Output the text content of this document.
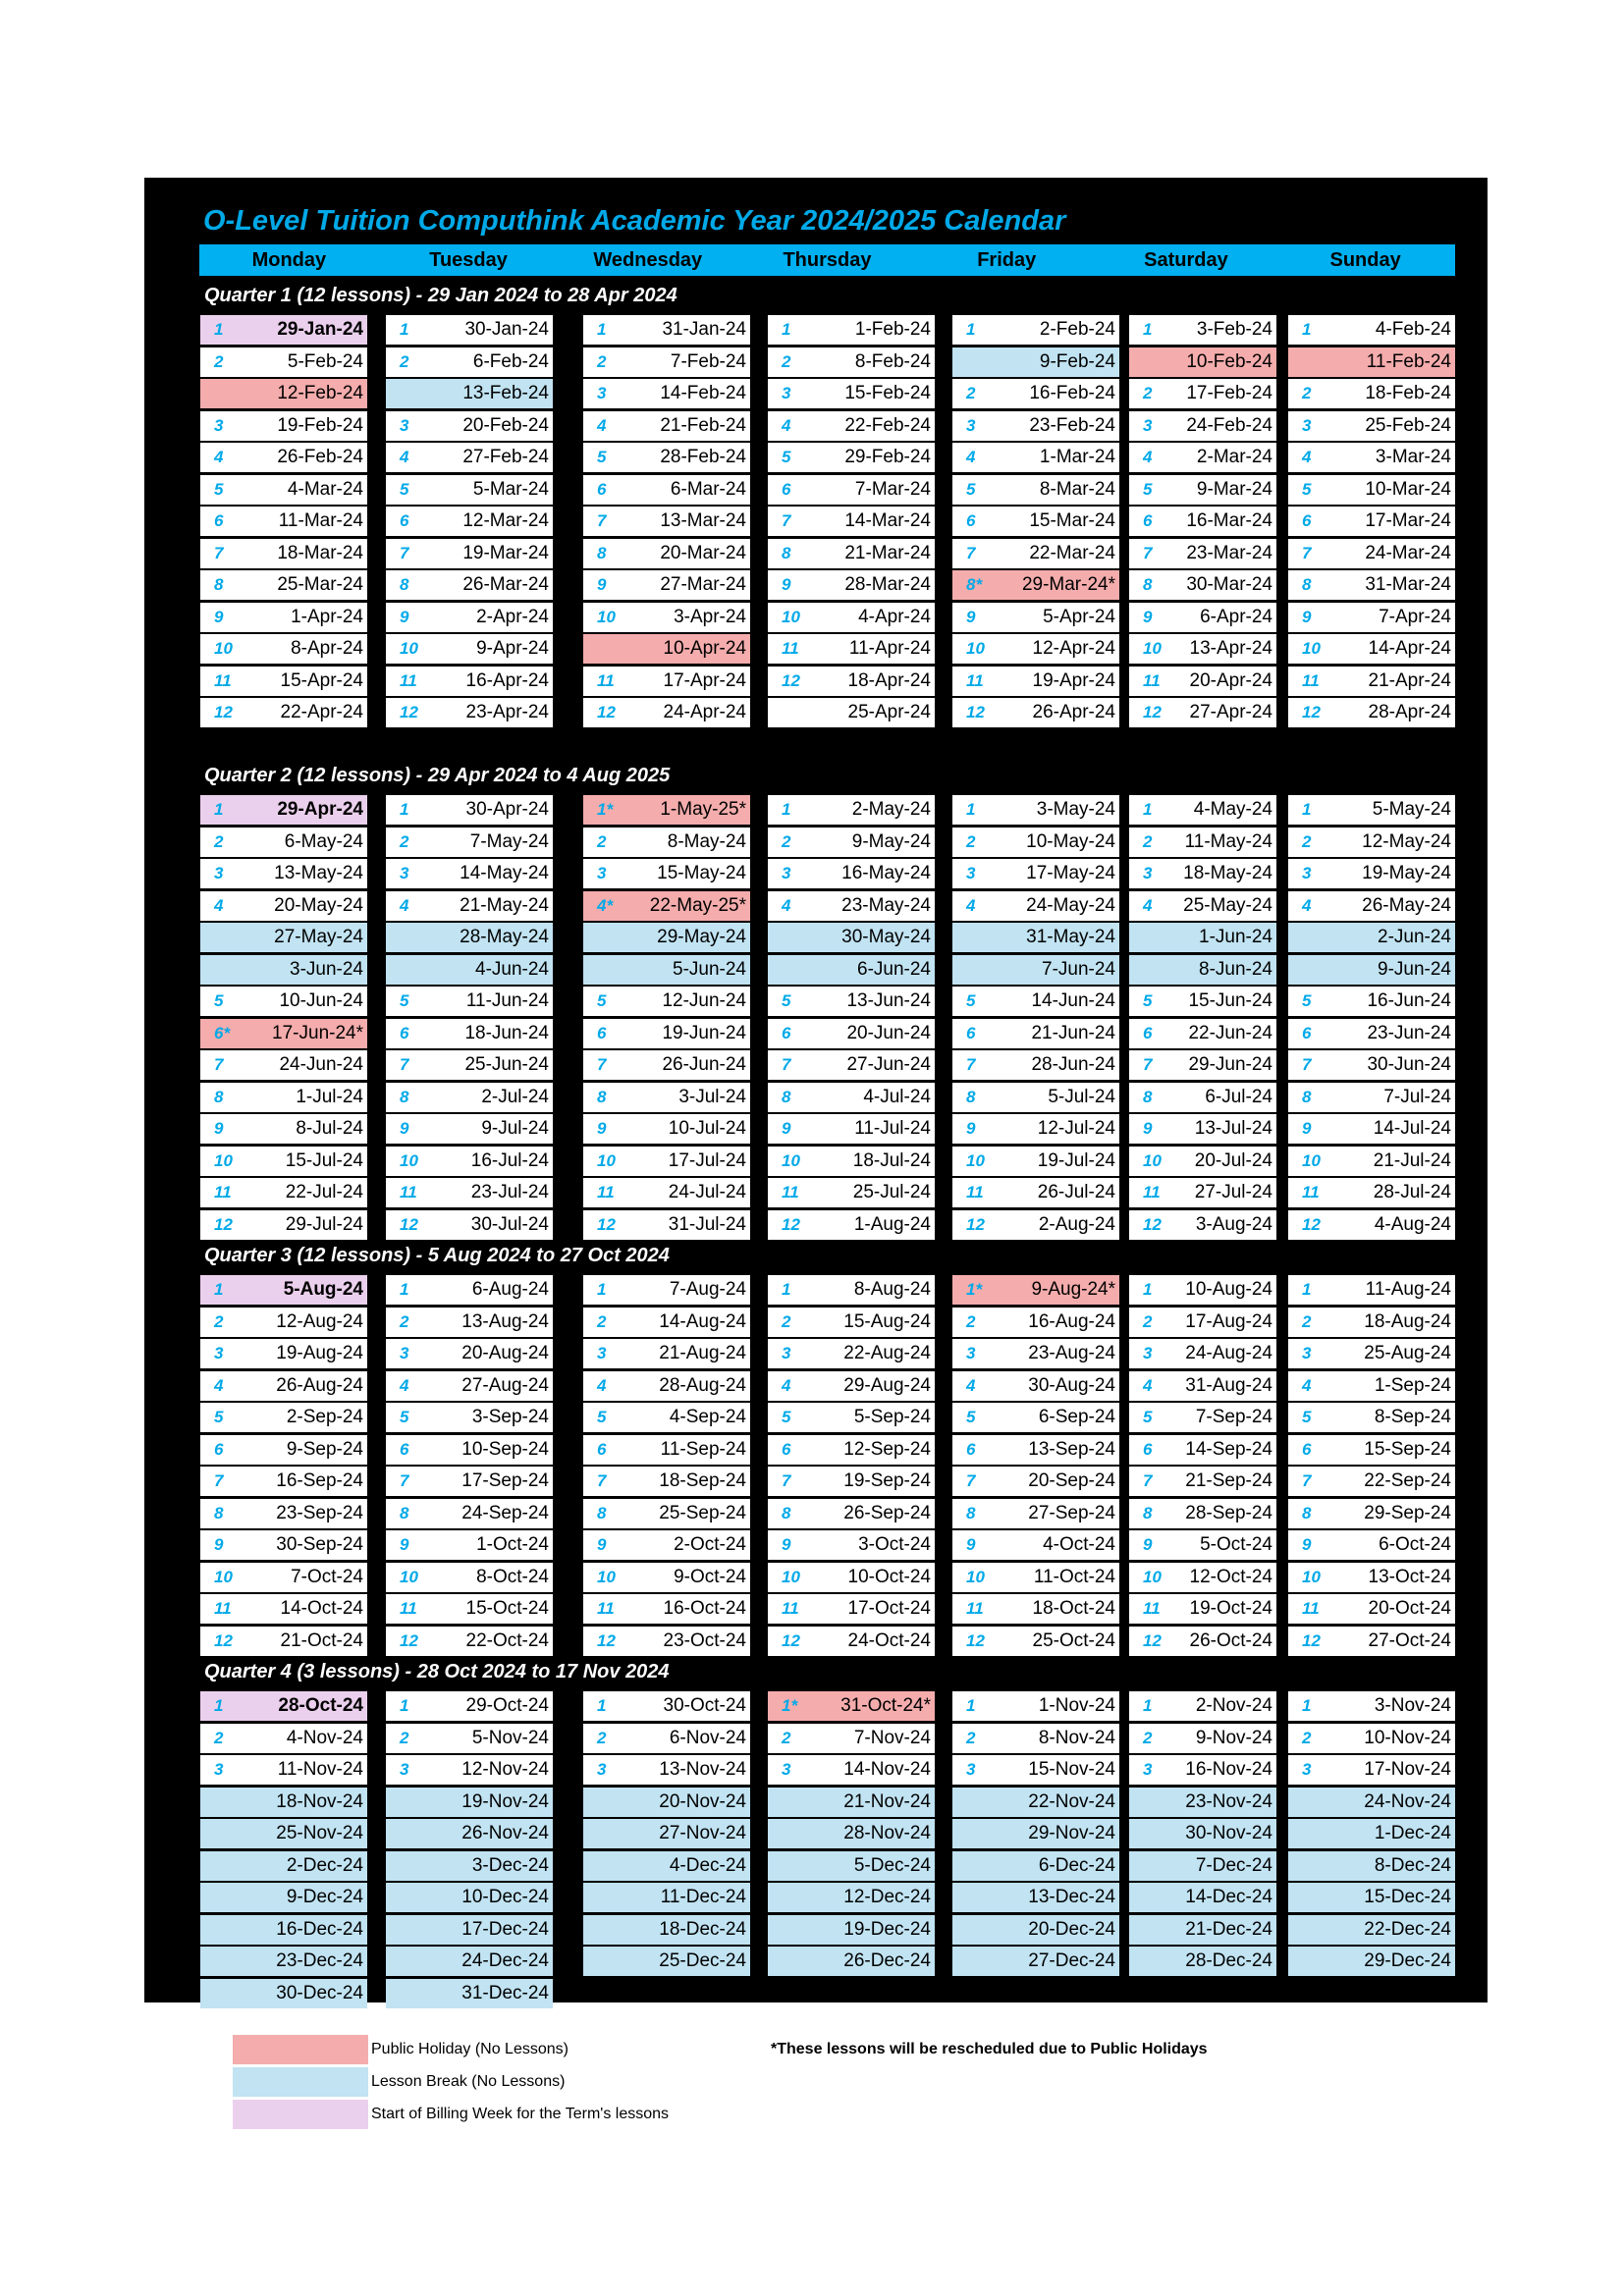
O-Level Tuition Computhink Academic Year 2024/2025 Calendar
Monday	Tuesday	Wednesday	Thursday	Friday	Saturday	Sunday
Quarter 1 (12 lessons) - 29 Jan 2024 to 28 Apr 2024
1	29-Jan-24 1	30-Jan-24	1	31-Jan-24 1	1-Feb-24 1	2-Feb-24 1 3-Feb-24 1	4-Feb-24
2	5-Feb-24 2	6-Feb-24	2	7-Feb-24 2	8-Feb-24	9-Feb-24	10-Feb-24	11-Feb-24
12-Feb-24	13-Feb-24	3	14-Feb-24 3	15-Feb-24 2	16-Feb-24 2 17-Feb-24 2	18-Feb-24
3	19-Feb-24 3	20-Feb-24	4	21-Feb-24 4	22-Feb-24 3	23-Feb-24 3 24-Feb-24 3	25-Feb-24
4	26-Feb-24 4	27-Feb-24	5	28-Feb-24 5	29-Feb-24 4	1-Mar-24 4 2-Mar-24 4	3-Mar-24
5	4-Mar-24 5	5-Mar-24	6	6-Mar-24 6	7-Mar-24 5	8-Mar-24 5 9-Mar-24 5	10-Mar-24
6	11-Mar-24 6	12-Mar-24	7	13-Mar-24 7	14-Mar-24 6	15-Mar-24 6 16-Mar-24 6	17-Mar-24
7	18-Mar-24 7	19-Mar-24	8	20-Mar-24 8	21-Mar-24 7	22-Mar-24 7 23-Mar-24 7	24-Mar-24
8	25-Mar-24 8	26-Mar-24	9	27-Mar-24 9	28-Mar-24 8* 29-Mar-24* 8 30-Mar-24 8	31-Mar-24
9	1-Apr-24 9	2-Apr-24	10	3-Apr-24 10	4-Apr-24 9	5-Apr-24 9	6-Apr-24 9	7-Apr-24
10	8-Apr-24 10	9-Apr-24	10-Apr-24 11	11-Apr-24 10	12-Apr-24 10 13-Apr-24 10	14-Apr-24
11	15-Apr-24 11	16-Apr-24	11	17-Apr-24 12	18-Apr-24 11	19-Apr-24 11 20-Apr-24 11	21-Apr-24
12	22-Apr-24 12	23-Apr-24	12	24-Apr-24	25-Apr-24 12	26-Apr-24 12 27-Apr-24 12	28-Apr-24
Quarter 2 (12 lessons) - 29 Apr 2024 to 4 Aug 2025
1	29-Apr-24 1	30-Apr-24	1*	1-May-25* 1	2-May-24 1	3-May-24 1 4-May-24 1	5-May-24
2	6-May-24 2	7-May-24	2	8-May-24 2	9-May-24 2	10-May-24 2 11-May-24 2	12-May-24
3	13-May-24 3	14-May-24	3	15-May-24 3	16-May-24 3	17-May-24 3 18-May-24 3	19-May-24
4	20-May-24 4	21-May-24	4* 22-May-25* 4	23-May-24 4	24-May-24 4 25-May-24 4	26-May-24
27-May-24	28-May-24	29-May-24	30-May-24	31-May-24	1-Jun-24	2-Jun-24
3-Jun-24	4-Jun-24	5-Jun-24	6-Jun-24	7-Jun-24	8-Jun-24	9-Jun-24
5	10-Jun-24 5	11-Jun-24	5	12-Jun-24 5	13-Jun-24 5	14-Jun-24 5 15-Jun-24 5	16-Jun-24
6* 17-Jun-24* 6	18-Jun-24	6	19-Jun-24 6	20-Jun-24 6	21-Jun-24 6 22-Jun-24 6	23-Jun-24
7	24-Jun-24 7	25-Jun-24	7	26-Jun-24 7	27-Jun-24 7	28-Jun-24 7 29-Jun-24 7	30-Jun-24
8	1-Jul-24 8	2-Jul-24	8	3-Jul-24 8	4-Jul-24 8	5-Jul-24 8	6-Jul-24 8	7-Jul-24
9	8-Jul-24 9	9-Jul-24	9	10-Jul-24 9	11-Jul-24 9	12-Jul-24 9 13-Jul-24 9	14-Jul-24
10	15-Jul-24 10	16-Jul-24	10	17-Jul-24 10	18-Jul-24 10	19-Jul-24 10 20-Jul-24 10	21-Jul-24
11	22-Jul-24 11	23-Jul-24	11	24-Jul-24 11	25-Jul-24 11	26-Jul-24 11 27-Jul-24 11	28-Jul-24
12	29-Jul-24 12	30-Jul-24	12	31-Jul-24 12	1-Aug-24 12	2-Aug-24 12 3-Aug-24 12	4-Aug-24
Quarter 3 (12 lessons) - 5 Aug 2024 to 27 Oct 2024
1	5-Aug-24 1	6-Aug-24	1	7-Aug-24 1	8-Aug-24 1*	9-Aug-24* 1 10-Aug-24 1	11-Aug-24
2	12-Aug-24 2	13-Aug-24	2	14-Aug-24 2	15-Aug-24 2	16-Aug-24 2 17-Aug-24 2	18-Aug-24
3	19-Aug-24 3	20-Aug-24	3	21-Aug-24 3	22-Aug-24 3	23-Aug-24 3 24-Aug-24 3	25-Aug-24
4	26-Aug-24 4	27-Aug-24	4	28-Aug-24 4	29-Aug-24 4	30-Aug-24 4 31-Aug-24 4	1-Sep-24
5	2-Sep-24 5	3-Sep-24	5	4-Sep-24 5	5-Sep-24 5	6-Sep-24 5 7-Sep-24 5	8-Sep-24
6	9-Sep-24 6	10-Sep-24	6	11-Sep-24 6	12-Sep-24 6	13-Sep-24 6 14-Sep-24 6	15-Sep-24
7	16-Sep-24 7	17-Sep-24	7	18-Sep-24 7	19-Sep-24 7	20-Sep-24 7 21-Sep-24 7	22-Sep-24
8	23-Sep-24 8	24-Sep-24	8	25-Sep-24 8	26-Sep-24 8	27-Sep-24 8 28-Sep-24 8	29-Sep-24
9	30-Sep-24 9	1-Oct-24	9	2-Oct-24 9	3-Oct-24 9	4-Oct-24 9	5-Oct-24 9	6-Oct-24
10	7-Oct-24 10	8-Oct-24	10	9-Oct-24 10	10-Oct-24 10	11-Oct-24 10 12-Oct-24 10	13-Oct-24
11	14-Oct-24 11	15-Oct-24	11	16-Oct-24 11	17-Oct-24 11	18-Oct-24 11 19-Oct-24 11	20-Oct-24
12	21-Oct-24 12	22-Oct-24	12	23-Oct-24 12	24-Oct-24 12	25-Oct-24 12 26-Oct-24 12	27-Oct-24
Quarter 4 (3 lessons) - 28 Oct 2024 to 17 Nov 2024
1	28-Oct-24 1	29-Oct-24	1	30-Oct-24 1* 31-Oct-24* 1	1-Nov-24 1 2-Nov-24 1	3-Nov-24
2	4-Nov-24 2	5-Nov-24	2	6-Nov-24 2	7-Nov-24 2	8-Nov-24 2 9-Nov-24 2	10-Nov-24
3	11-Nov-24 3	12-Nov-24	3	13-Nov-24 3	14-Nov-24 3	15-Nov-24 3 16-Nov-24 3	17-Nov-24
18-Nov-24	19-Nov-24	20-Nov-24	21-Nov-24	22-Nov-24	23-Nov-24	24-Nov-24
25-Nov-24	26-Nov-24	27-Nov-24	28-Nov-24	29-Nov-24	30-Nov-24	1-Dec-24
2-Dec-24	3-Dec-24	4-Dec-24	5-Dec-24	6-Dec-24	7-Dec-24	8-Dec-24
9-Dec-24	10-Dec-24	11-Dec-24	12-Dec-24	13-Dec-24	14-Dec-24	15-Dec-24
16-Dec-24	17-Dec-24	18-Dec-24	19-Dec-24	20-Dec-24	21-Dec-24	22-Dec-24
23-Dec-24	24-Dec-24	25-Dec-24	26-Dec-24	27-Dec-24	28-Dec-24	29-Dec-24
30-Dec-24	31-Dec-24
Public Holiday (No Lessons)
Lesson Break (No Lessons)
Start of Billing Week for the Term's lessons
*These lessons will be rescheduled due to Public Holidays
